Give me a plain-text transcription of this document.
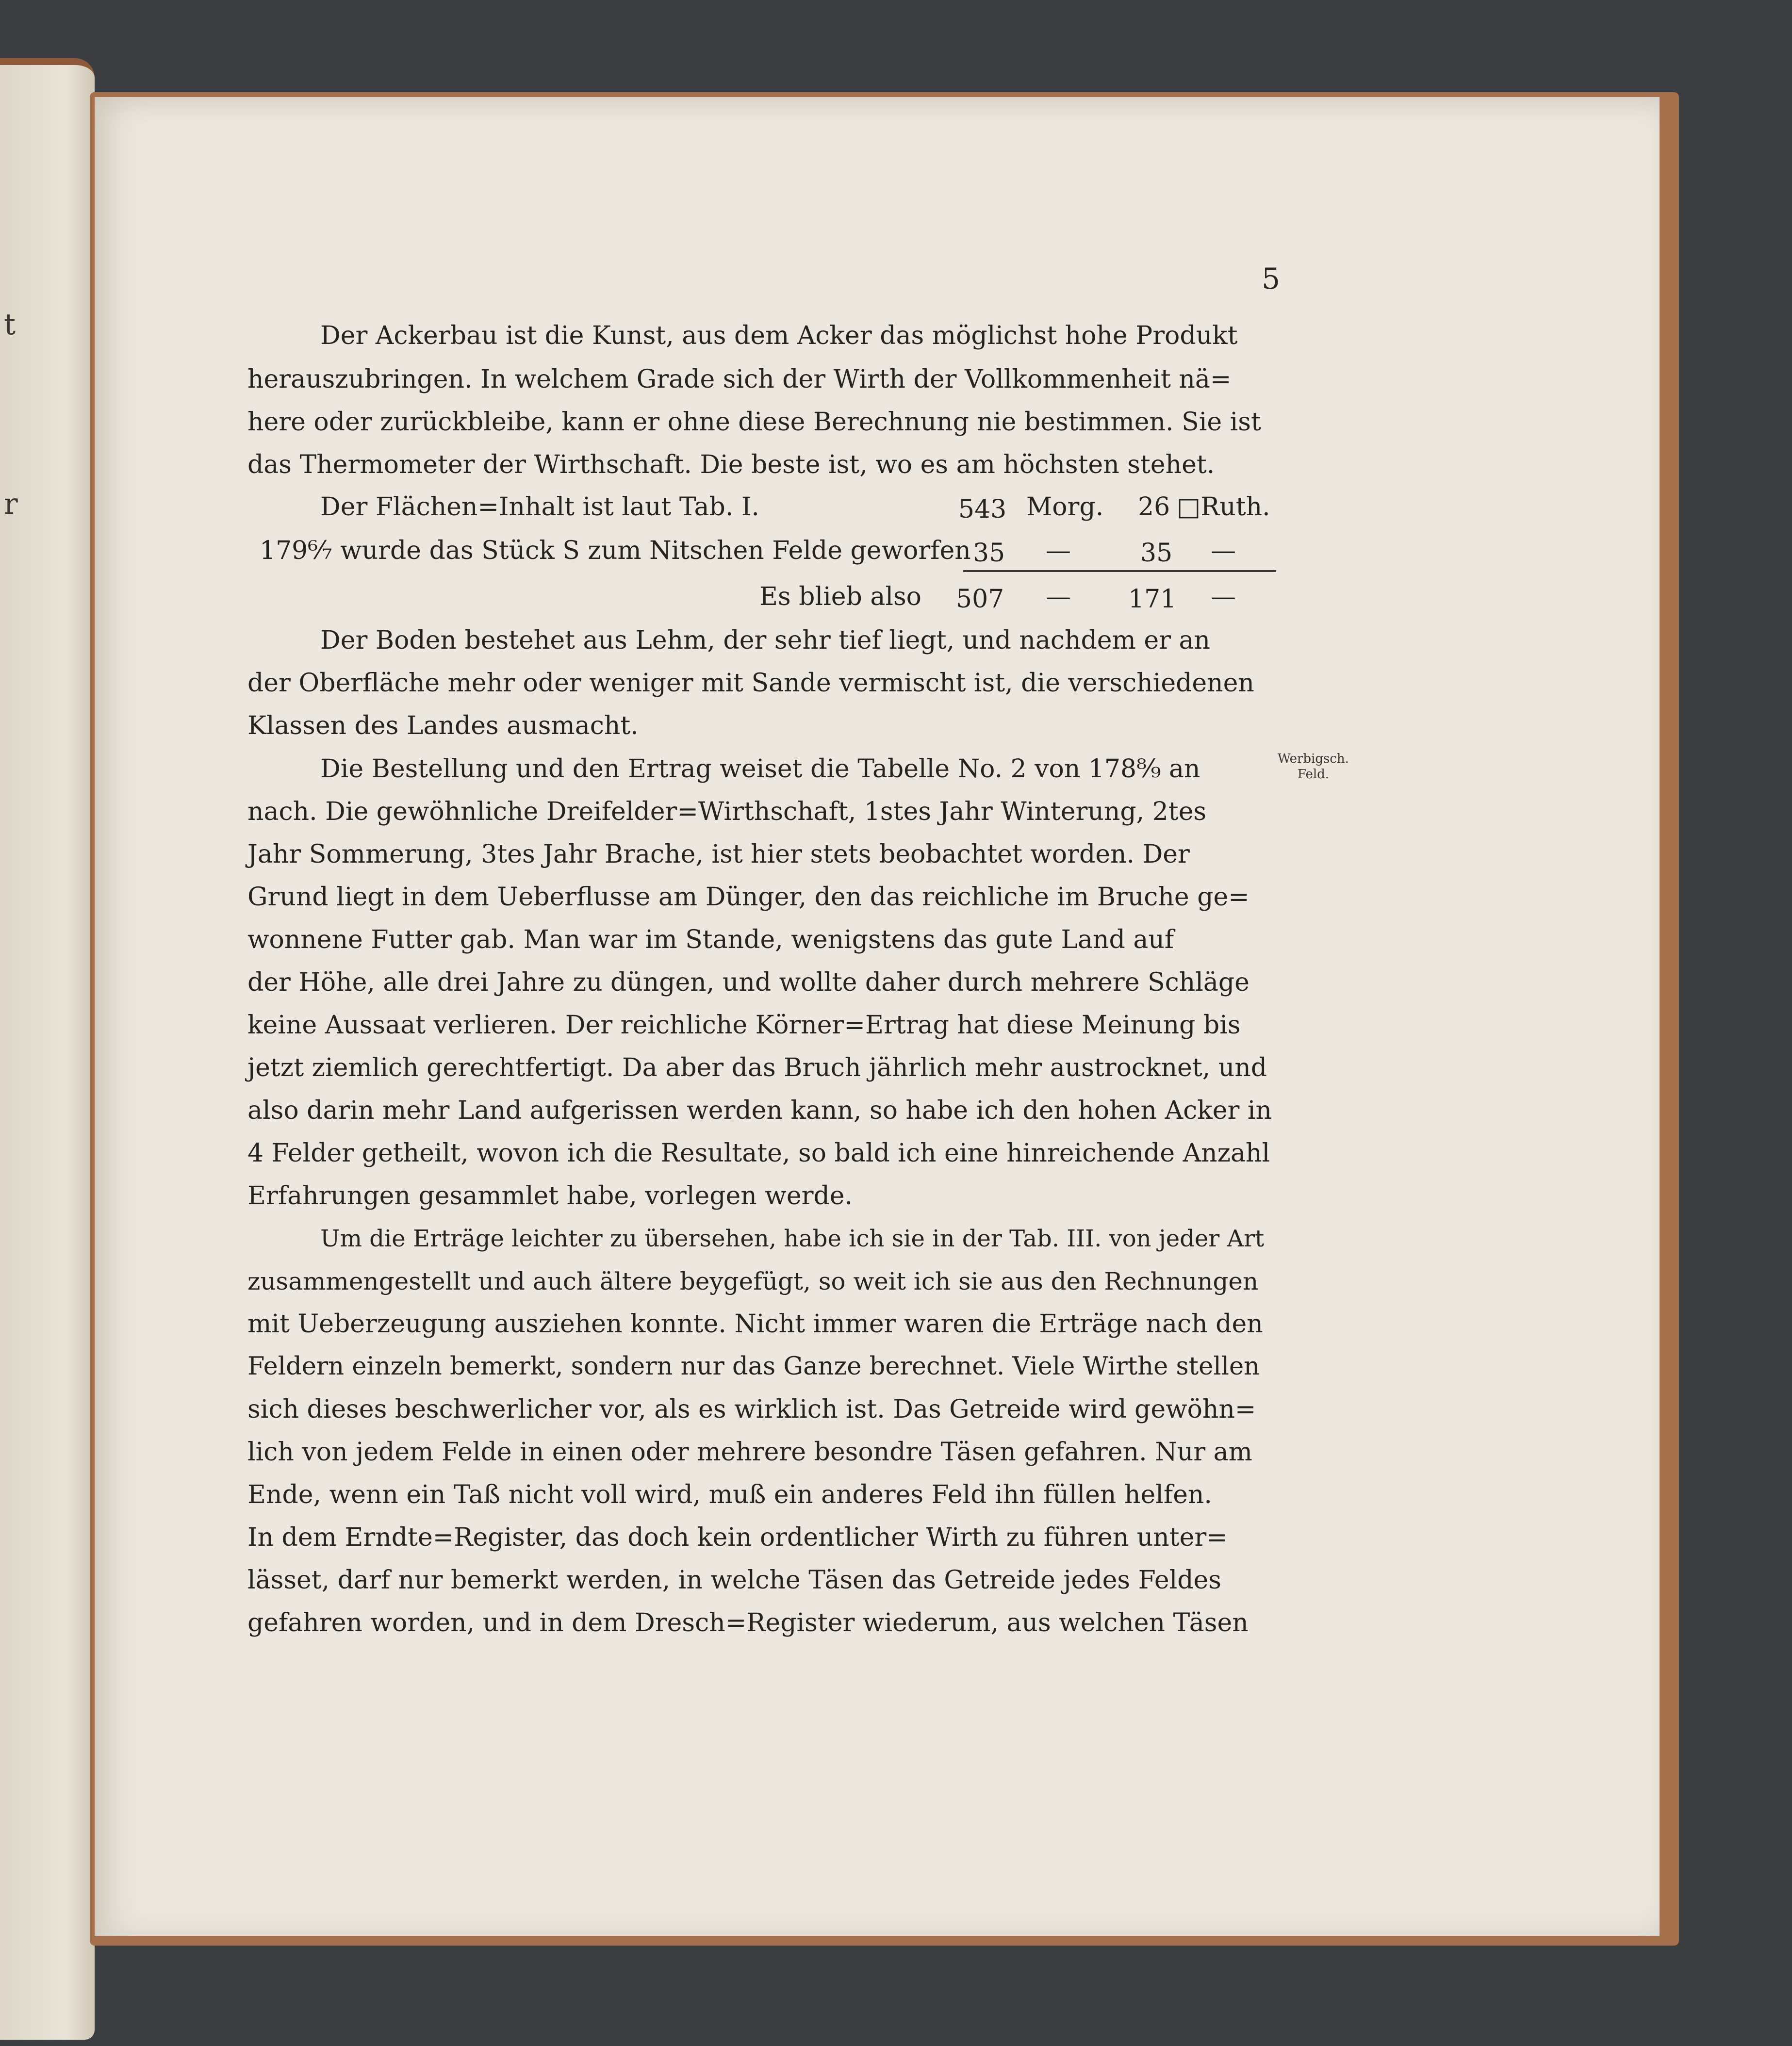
t
r
5
Der Ackerbau ist die Kunst, aus dem Acker das möglichst hohe Produkt
herauszubringen. In welchem Grade sich der Wirth der Vollkommenheit nä=
here oder zurückbleibe, kann er ohne diese Berechnung nie bestimmen. Sie ist
das Thermometer der Wirthschaft. Die beste ist, wo es am höchsten stehet.
Der Flächen=Inhalt ist laut Tab. I.	543 Morg. 26 □Ruth.
179⁶⁄₇ wurde das Stück S zum Nitschen Felde geworfen 35 —	35 —
Es blieb also 507 — 171 —
Der Boden bestehet aus Lehm, der sehr tief liegt, und nachdem er an
der Oberfläche mehr oder weniger mit Sande vermischt ist, die verschiedenen
Klassen des Landes ausmacht.
Werbigsch.
Feld.
Die Bestellung und den Ertrag weiset die Tabelle No. 2 von 178⁸⁄₉ an
nach. Die gewöhnliche Dreifelder=Wirthschaft, 1stes Jahr Winterung, 2tes
Jahr Sommerung, 3tes Jahr Brache, ist hier stets beobachtet worden. Der
Grund liegt in dem Ueberflusse am Dünger, den das reichliche im Bruche ge=
wonnene Futter gab. Man war im Stande, wenigstens das gute Land auf
der Höhe, alle drei Jahre zu düngen, und wollte daher durch mehrere Schläge
keine Aussaat verlieren. Der reichliche Körner=Ertrag hat diese Meinung bis
jetzt ziemlich gerechtfertigt. Da aber das Bruch jährlich mehr austrocknet, und
also darin mehr Land aufgerissen werden kann, so habe ich den hohen Acker in
4 Felder getheilt, wovon ich die Resultate, so bald ich eine hinreichende Anzahl
Erfahrungen gesammlet habe, vorlegen werde.
Um die Erträge leichter zu übersehen, habe ich sie in der Tab. III. von jeder Art
zusammengestellt und auch ältere beygefügt, so weit ich sie aus den Rechnungen
mit Ueberzeugung ausziehen konnte. Nicht immer waren die Erträge nach den
Feldern einzeln bemerkt, sondern nur das Ganze berechnet. Viele Wirthe stellen
sich dieses beschwerlicher vor, als es wirklich ist. Das Getreide wird gewöhn=
lich von jedem Felde in einen oder mehrere besondre Täsen gefahren. Nur am
Ende, wenn ein Taß nicht voll wird, muß ein anderes Feld ihn füllen helfen.
In dem Erndte=Register, das doch kein ordentlicher Wirth zu führen unter=
lässet, darf nur bemerkt werden, in welche Täsen das Getreide jedes Feldes
gefahren worden, und in dem Dresch=Register wiederum, aus welchen Täsen
